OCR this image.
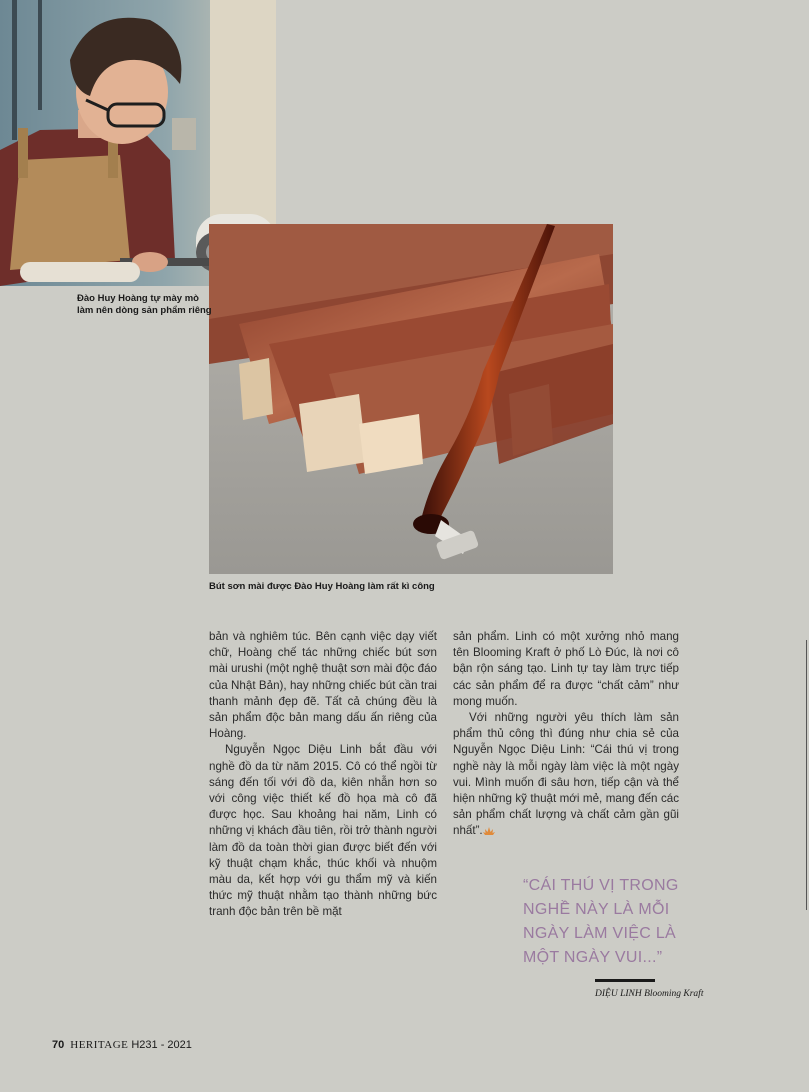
Đào Huy Hoàng tự mày mò làm nên dòng sản phẩm riêng
Bút sơn mài được Đào Huy Hoàng làm rất kì công

bản và nghiêm túc. Bên cạnh việc dạy viết chữ, Hoàng chế tác những chiếc bút sơn mài urushi (một nghệ thuật sơn mài độc đáo của Nhật Bản), hay những chiếc bút cần trai thanh mảnh đẹp đẽ. Tất cả chúng đều là sản phẩm độc bản mang dấu ấn riêng của Hoàng.

Nguyễn Ngọc Diệu Linh bắt đầu với nghề đồ da từ năm 2015. Cô có thể ngồi từ sáng đến tối với đồ da, kiên nhẫn hơn so với công việc thiết kế đồ họa mà cô đã được học. Sau khoảng hai năm, Linh có những vị khách đầu tiên, rồi trở thành người làm đồ da toàn thời gian được biết đến với kỹ thuật chạm khắc, thúc khối và nhuộm màu da, kết hợp với gu thẩm mỹ và kiến thức mỹ thuật nhằm tạo thành những bức tranh độc bản trên bề mặt

sản phẩm. Linh có một xưởng nhỏ mang tên Blooming Kraft ở phố Lò Đúc, là nơi cô bận rộn sáng tạo. Linh tự tay làm trực tiếp các sản phẩm để ra được “chất cảm” như mong muốn.

Với những người yêu thích làm sản phẩm thủ công thì đúng như chia sẻ của Nguyễn Ngọc Diệu Linh: “Cái thú vị trong nghề này là mỗi ngày làm việc là một ngày vui. Mình muốn đi sâu hơn, tiếp cận và thể hiện những kỹ thuật mới mẻ, mang đến các sản phẩm chất lượng và chất cảm gần gũi nhất”.

“CÁI THÚ VỊ TRONG NGHỀ NÀY LÀ MỖI NGÀY LÀM VIỆC LÀ MỘT NGÀY VUI...”
DIỆU LINH Blooming Kraft
70 HERITAGE H231 - 2021
